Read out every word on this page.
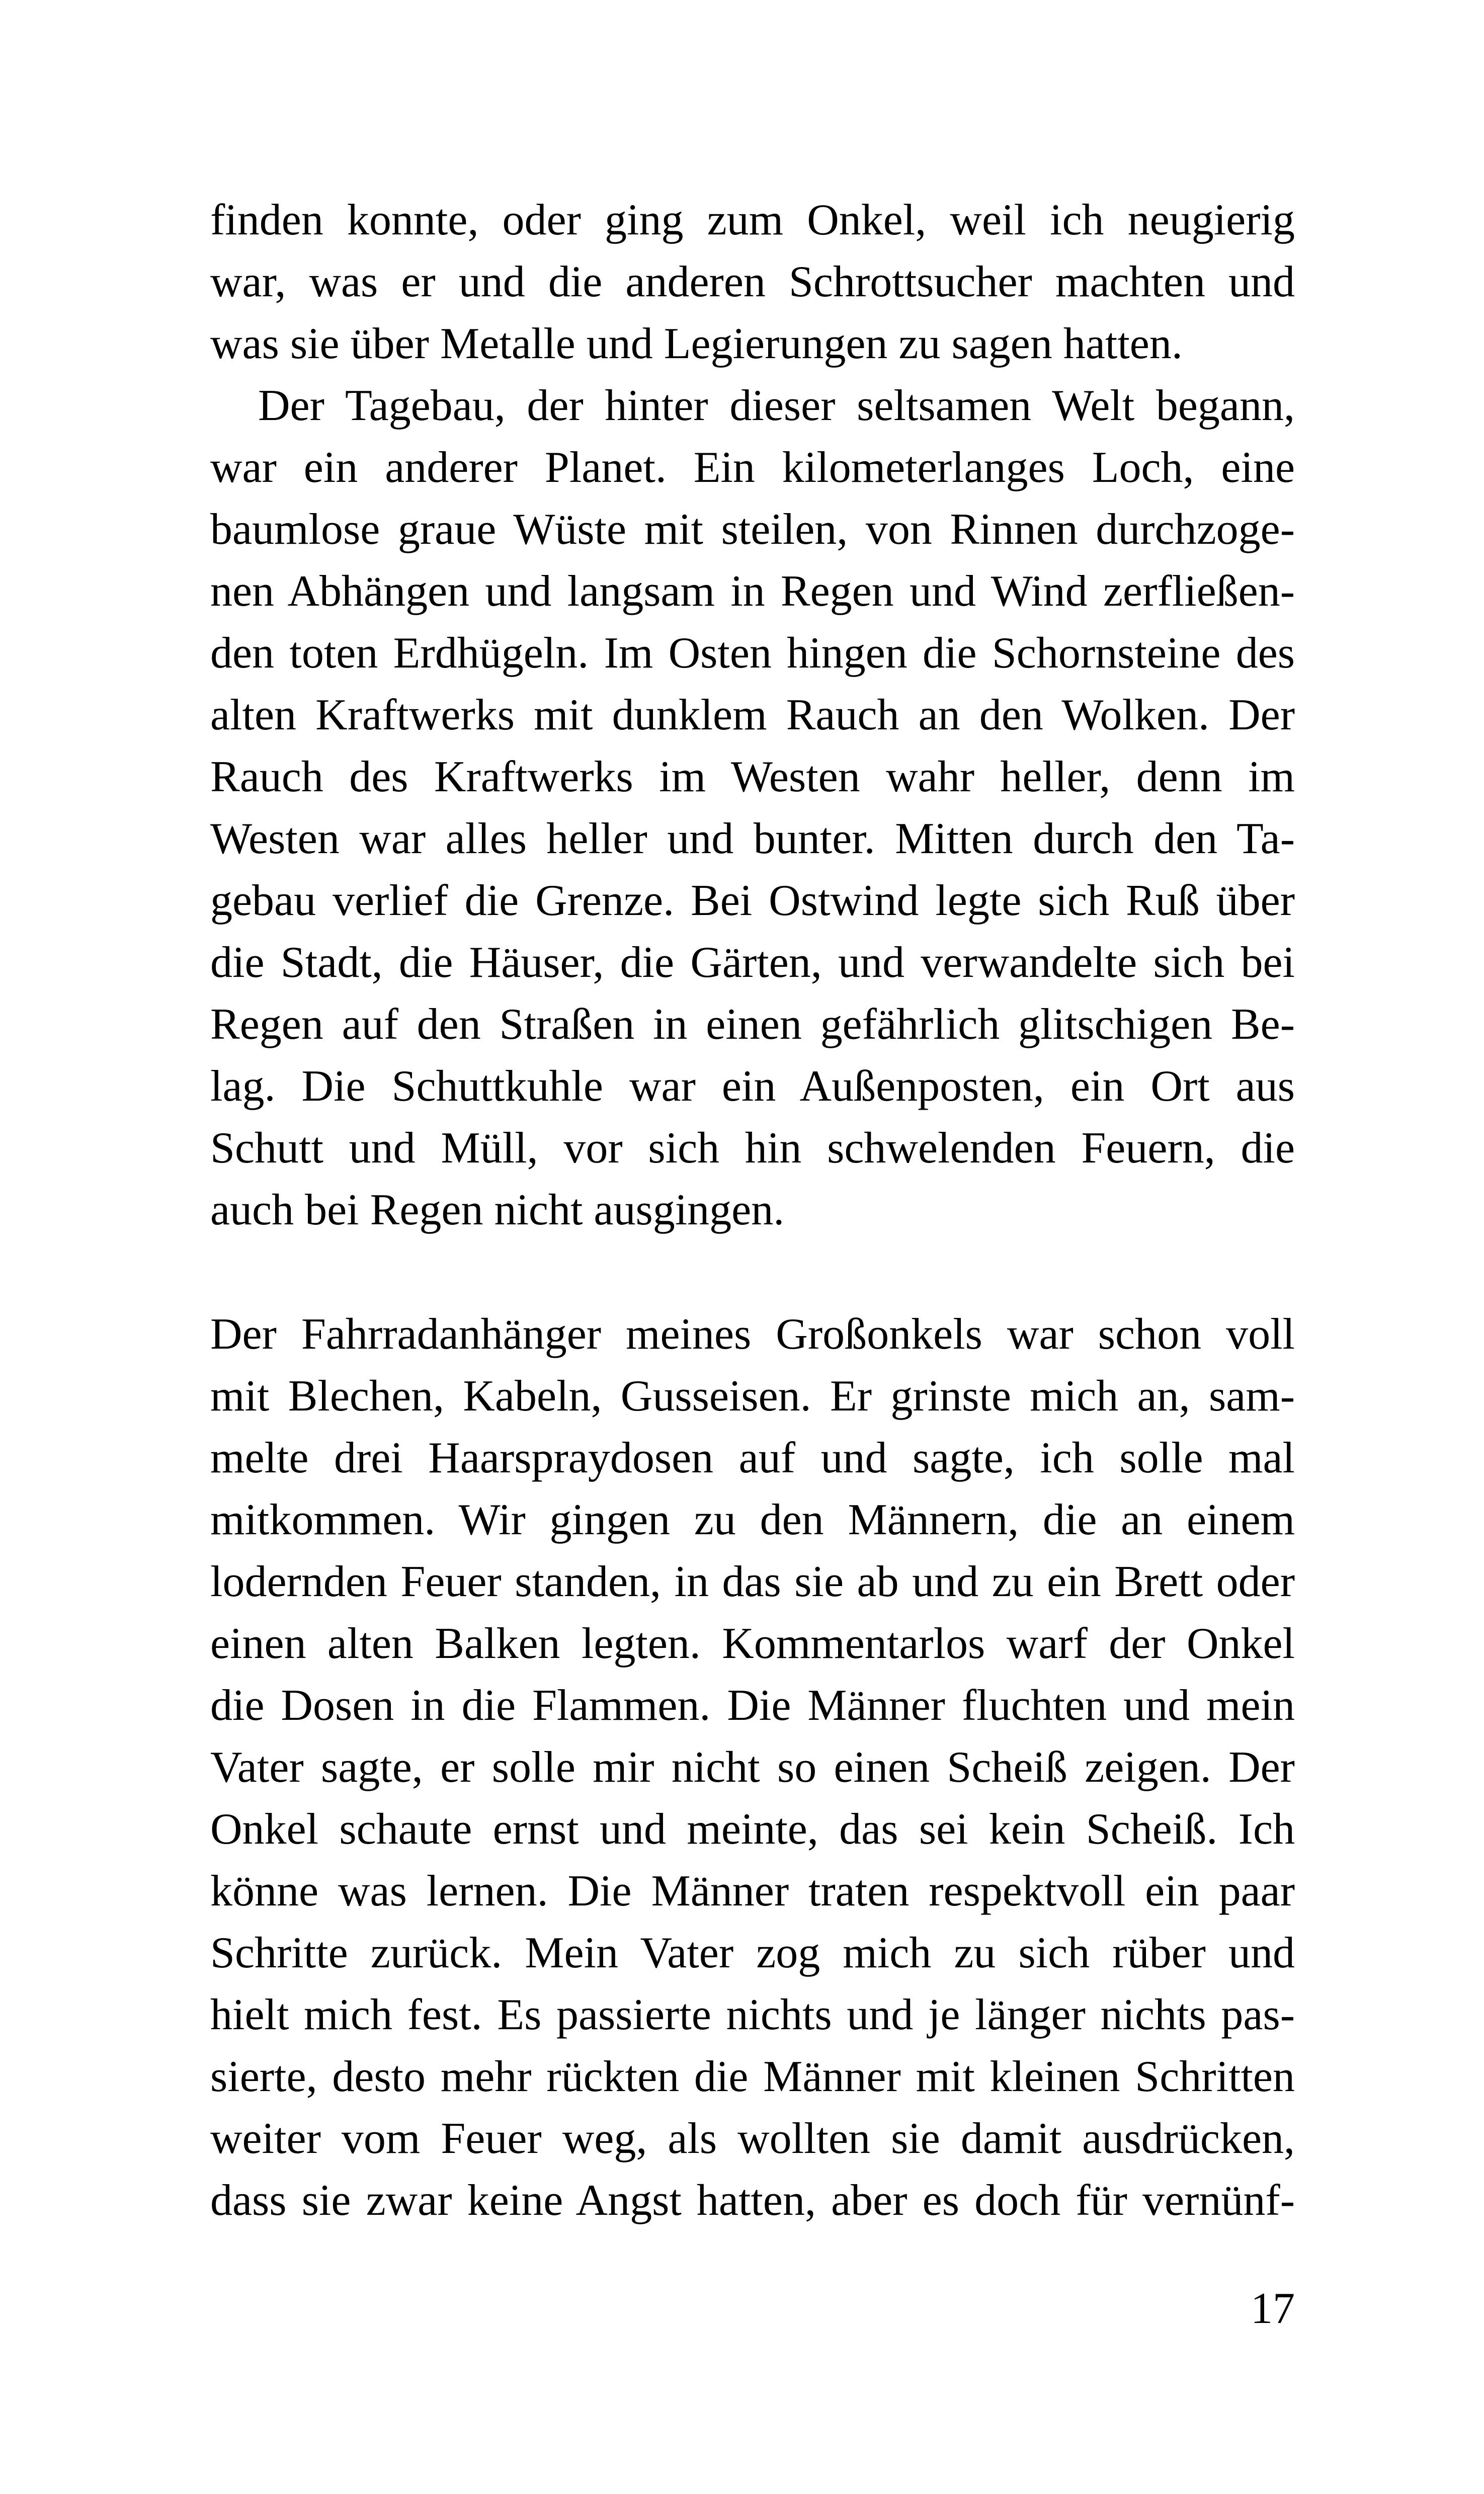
finden konnte, oder ging zum Onkel, weil ich neugierig
war, was er und die anderen Schrottsucher machten und
was sie über Metalle und Legierungen zu sagen hatten.
Der Tagebau, der hinter dieser seltsamen Welt begann,
war ein anderer Planet. Ein kilometerlanges Loch, eine
baumlose graue Wüste mit steilen, von Rinnen durchzoge-
nen Abhängen und langsam in Regen und Wind zerfließen-
den toten Erdhügeln. Im Osten hingen die Schornsteine des
alten Kraftwerks mit dunklem Rauch an den Wolken. Der
Rauch des Kraftwerks im Westen wahr heller, denn im
Westen war alles heller und bunter. Mitten durch den Ta-
gebau verlief die Grenze. Bei Ostwind legte sich Ruß über
die Stadt, die Häuser, die Gärten, und verwandelte sich bei
Regen auf den Straßen in einen gefährlich glitschigen Be-
lag. Die Schuttkuhle war ein Außenposten, ein Ort aus
Schutt und Müll, vor sich hin schwelenden Feuern, die
auch bei Regen nicht ausgingen.
Der Fahrradanhänger meines Großonkels war schon voll
mit Blechen, Kabeln, Gusseisen. Er grinste mich an, sam-
melte drei Haarspraydosen auf und sagte, ich solle mal
mitkommen. Wir gingen zu den Männern, die an einem
lodernden Feuer standen, in das sie ab und zu ein Brett oder
einen alten Balken legten. Kommentarlos warf der Onkel
die Dosen in die Flammen. Die Männer fluchten und mein
Vater sagte, er solle mir nicht so einen Scheiß zeigen. Der
Onkel schaute ernst und meinte, das sei kein Scheiß. Ich
könne was lernen. Die Männer traten respektvoll ein paar
Schritte zurück. Mein Vater zog mich zu sich rüber und
hielt mich fest. Es passierte nichts und je länger nichts pas-
sierte, desto mehr rückten die Männer mit kleinen Schritten
weiter vom Feuer weg, als wollten sie damit ausdrücken,
dass sie zwar keine Angst hatten, aber es doch für vernünf-
17
